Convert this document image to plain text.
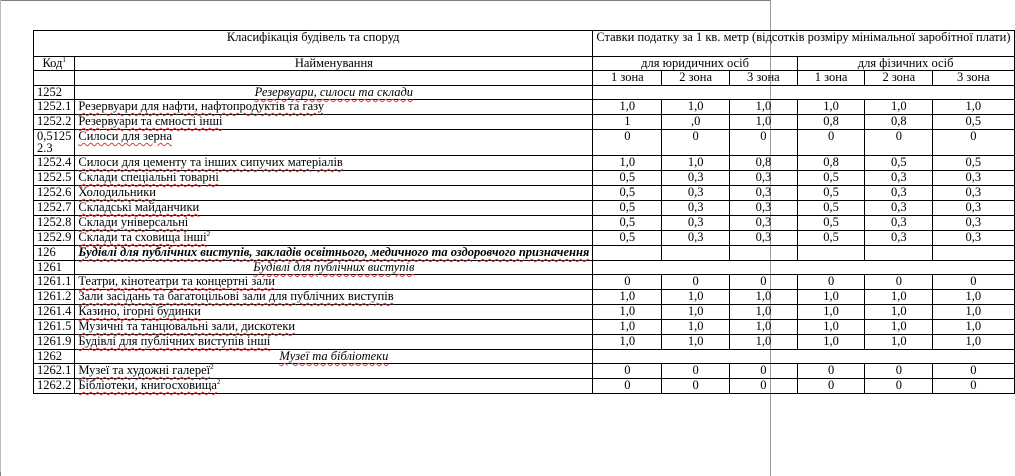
Класифікація будівель та споруд		Ставки податку за 1 кв. метр (відсотків розміру мінімальної заробітної плати)					
Код$^1$	Найменування						
		для юридичних осіб			для фізичних осіб		
		1 зона	2 зона	3 зона	1 зона	2 зона	3 зона
1252	Резервуари, силоси та склади						
1252.1	Резервуари для нафти, нафтопродуктів та газу	1,0	1,0	1,0	1,0	1,0	1,0
1252.2	Резервуари та ємності інші	1	,0	1,0	0,8	0,8	0,5
0,5125 2.3	Силоси для зерна	0	0	0	0	0	0
1252.4	Силоси для цементу та інших сипучих матеріалів	1,0	1,0	0,8	0,8	0,5	0,5
1252.5	Склади спеціальні товарні	0,5	0,3	0,3	0,5	0,3	0,3
1252.6	Холодильники	0,5	0,3	0,3	0,5	0,3	0,3
1252.7	Складські майданчики	0,5	0,3	0,3	0,5	0,3	0,3
1252.8	Склади універсальні	0,5	0,3	0,3	0,5	0,3	0,3
1252.9	Склади та сховища інші$^2$	0,5	0,3	0,3	0,5	0,3	0,3
126	Будівлі для публічних виступів, закладів освітнього, медичного та оздоровчого призначення						
1261	Будівлі для публічних виступів						
1261.1	Театри, кінотеатри та концертні зали	0	0	0	0	0	0
1261.2	Зали засідань та багатоцільові зали для публічних виступів	1,0	1,0	1,0	1,0	1,0	1,0
1261.4	Казино, ігорні будинки	1,0	1,0	1,0	1,0	1,0	1,0
1261.5	Музичні та танцювальні зали, дискотеки	1,0	1,0	1,0	1,0	1,0	1,0
1261.9	Будівлі для публічних виступів інші	1,0	1,0	1,0	1,0	1,0	1,0
1262	Музеї та бібліотеки						
1262.1	Музеї та художні галереї$^2$	0	0	0	0	0	0
1262.2	Бібліотеки, книгосховища$^2$	0	0	0	0	0	0
